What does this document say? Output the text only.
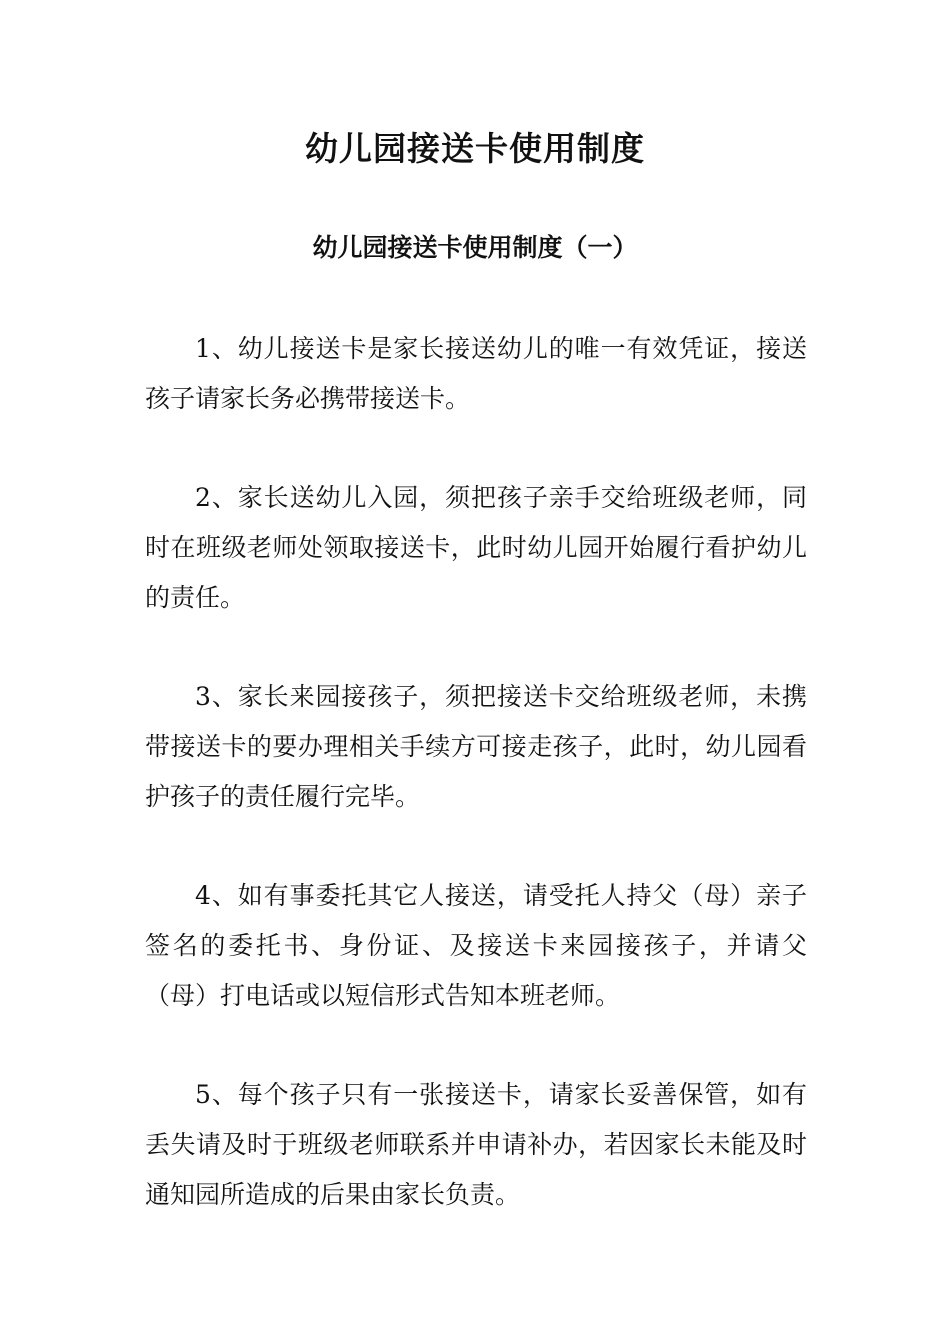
幼儿园接送卡使用制度
幼儿园接送卡使用制度（一）

1、幼儿接送卡是家长接送幼儿的唯一有效凭证，接送孩子请家长务必携带接送卡。

2、家长送幼儿入园，须把孩子亲手交给班级老师，同时在班级老师处领取接送卡，此时幼儿园开始履行看护幼儿的责任。

3、家长来园接孩子，须把接送卡交给班级老师，未携带接送卡的要办理相关手续方可接走孩子，此时，幼儿园看护孩子的责任履行完毕。

4、如有事委托其它人接送，请受托人持父（母）亲子签名的委托书、身份证、及接送卡来园接孩子，并请父（母）打电话或以短信形式告知本班老师。

5、每个孩子只有一张接送卡，请家长妥善保管，如有丢失请及时于班级老师联系并申请补办，若因家长未能及时通知园所造成的后果由家长负责。
